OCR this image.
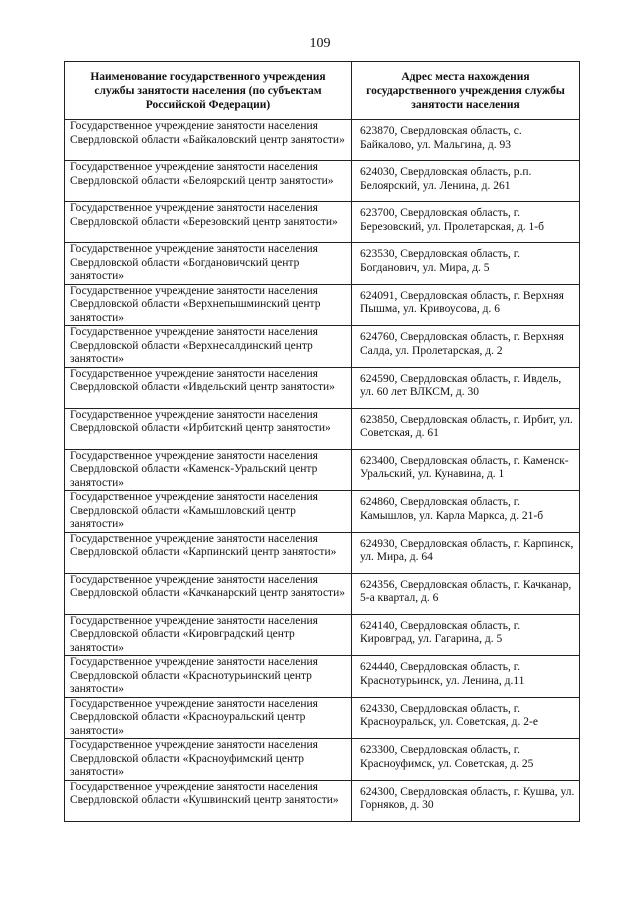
109
Наименование государственного учреждения службы занятости населения (по субъектам Российской Федерации)	Адрес места нахождения государственного учреждения службы занятости населения
Государственное учреждение занятости населения Свердловской области «Байкаловский центр занятости»	623870, Свердловская область, с. Байкалово, ул. Мальгина, д. 93

Государственное учреждение занятости населения Свердловской области «Белоярский центр занятости»	624030, Свердловская область, р.п. Белоярский, ул. Ленина, д. 261

Государственное учреждение занятости населения Свердловской области «Березовский центр занятости»	623700, Свердловская область, г. Березовский, ул. Пролетарская, д. 1-б

Государственное учреждение занятости населения Свердловской области «Богдановичский центр занятости»	623530, Свердловская область, г. Богданович, ул. Мира, д. 5

Государственное учреждение занятости населения Свердловской области «Верхнепышминский центр занятости»	624091, Свердловская область, г. Верхняя Пышма, ул. Кривоусова, д. 6

Государственное учреждение занятости населения Свердловской области «Верхнесалдинский центр занятости»	624760, Свердловская область, г. Верхняя Салда, ул. Пролетарская, д. 2

Государственное учреждение занятости населения Свердловской области «Ивдельский центр занятости»	624590, Свердловская область, г. Ивдель, ул. 60 лет ВЛКСМ, д. 30

Государственное учреждение занятости населения Свердловской области «Ирбитский центр занятости»	623850, Свердловская область, г. Ирбит, ул. Советская, д. 61

Государственное учреждение занятости населения Свердловской области «Каменск-Уральский центр занятости»	623400, Свердловская область, г. Каменск-Уральский, ул. Кунавина, д. 1

Государственное учреждение занятости населения Свердловской области «Камышловский центр занятости»	624860, Свердловская область, г. Камышлов, ул. Карла Маркса, д. 21-б

Государственное учреждение занятости населения Свердловской области «Карпинский центр занятости»	624930, Свердловская область, г. Карпинск, ул. Мира, д. 64

Государственное учреждение занятости населения Свердловской области «Качканарский центр занятости»	624356, Свердловская область, г. Качканар, 5-а квартал, д. 6

Государственное учреждение занятости населения Свердловской области «Кировградский центр занятости»	624140, Свердловская область, г. Кировград, ул. Гагарина, д. 5

Государственное учреждение занятости населения Свердловской области «Краснотурьинский центр занятости»	624440, Свердловская область, г. Краснотурьинск, ул. Ленина, д.11

Государственное учреждение занятости населения Свердловской области «Красноуральский центр занятости»	624330, Свердловская область, г. Красноуральск, ул. Советская, д. 2-е

Государственное учреждение занятости населения Свердловской области «Красноуфимский центр занятости»	623300, Свердловская область, г. Красноуфимск, ул. Советская, д. 25

Государственное учреждение занятости населения Свердловской области «Кушвинский центр занятости»	624300, Свердловская область, г. Кушва, ул. Горняков, д. 30
